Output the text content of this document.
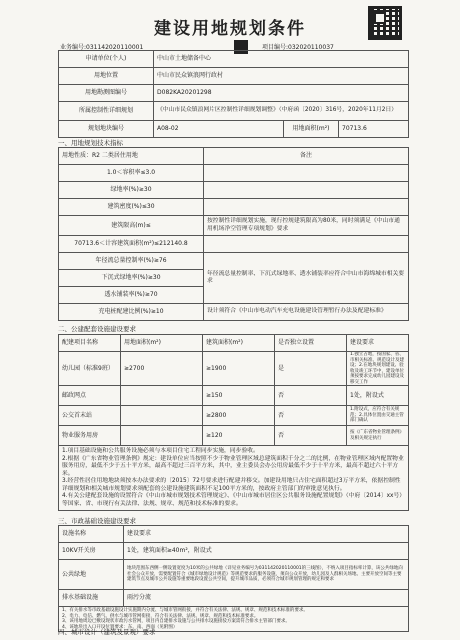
建设用地规划条件
业务编号:031142020110001	项目编号:032020110037
申请单位(个人)	中山市土地储备中心		
用地位置	中山市民众镇浪网行政村		
用地勘测图编号	D082KA20201298		
所属控制性详细规划	《中山市民众镇浪网片区控制性详细规划调整》（中府函〔2020〕316号，2020年11月2日）		
规划地块编号	A08-02	用地面积(m²)	70713.6
一、用地规划技术指标
用地性质：R2 二类居住用地	备注
1.0＜容积率≤3.0	
绿地率(%)≥30	
建筑密度(%)≤30	
建筑限高(m)≤	按控制性详细规划实施，现行控规建筑限高为80米，同时须满足《中山市通用机场净空管理专项规划》要求
70713.6＜计容建筑面积(m²)≤212140.8	
年径流总量控制率(%)≥76	年径流总量控制率、下沉式绿地率、透水铺装率应符合中山市海绵城市相关要求
下沉式绿地率(%)≥30	
透水铺装率(%)≥70	
充电桩配建比例(%)≥10	设计须符合《中山市电动汽车充电设施建设管理暂行办法及配建标准》
二、公建配套设施建设要求
配建项目名称	用地面积(m²)	建筑面积(m²)	是否独立设置	建设要求
幼儿园（标准9班）	≥2700	≥1900	是	1.独立占地，按国家、省、市相关标准、规范设计及建设；2.在地块规划建设、验收及竣工环节中，建设单位须按要求完成幼儿园建设及移交工作
邮政网点		≥150	否	1处，附设式
公交首末站		≥2800	否	1.附设式，应符合有关规范；2.具体位置由交通主管部门确认
物业服务用房		≥120	否	按《广东省物业管理条例》及相关规定执行

1.项目基础设施和公共服务设施必须与本项目住宅工程同步实施，同步验收。
2.根据《广东省物业管理条例》规定：建设单位应当按照不少于物业管理区域总建筑面积千分之二的比例，在物业管理区域内配置物业服务用房，最低不少于五十平方米，最高不超过三百平方米，其中，业主委员会办公用房最低不少于十平方米，最高不超过六十平方米。
3.经营性居住用地地块须按本办法要求的〔2015〕72号要求进行配建并移交。加建设用地只占住宅面积超过3万平方米，依据控制性详细规划和相关城市规划要求须配套的公建设施建筑面积不足100平方米的，按政府主管部门的审批意见执行。
4.有关公建配套设施的设置符合《中山市城市规划技术管理规定》、《中山市城市居住区公共服务设施配置规划》（中府〔2014〕xx号）等国家、省、市现行有关法律、法规、规章、规范和技术标准的要求。				
三、市政基础设施建设要求
设施名称	建设要求
10KV开关房	1处，建筑面积≥40m²，附设式
公共绿地	地块范围东西侧一侧设置宽度为10米的公共绿地（详见业务编号为031142020110001的三线图），不纳入项目指标率计算，该公共绿地向社会公众开放，需要配置符合《城市绿地设计规范》等规范要求的服务设施，须向公众开放，幼儿园及人群相关场地、主要开放空间等主要建筑节点及城市公共设施等重要地段设置公共空间，提升城市品质，必须符合城市规划管理的规定和要求
排水基础设施	雨污分流

1、有关排水等市政基础设施设计实施期内分流、与城市管网衔接，并符合有关法律、法规、规章、规范和技术标准的要求。
2、电力、电信、燃气、供水与城市管网衔接，符合有关法律、法规、规章、规范和技术标准要求。
3、该用地周边已敷设现状市政污水管网，项目内自建排水设施与公共排水设施接驳方案需符合排水主管部门要求。
4、该地块出入口开设位置要求：东、南、西面（见附图）	
四、城市设计（建筑及景观）要求
